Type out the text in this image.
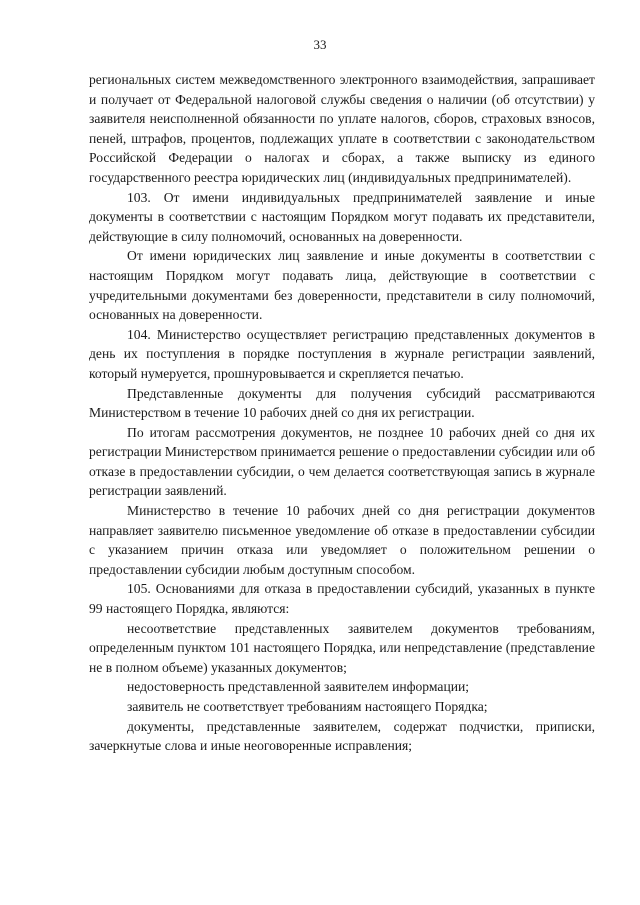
33

региональных систем межведомственного электронного взаимодействия, запрашивает и получает от Федеральной налоговой службы сведения о наличии (об отсутствии) у заявителя неисполненной обязанности по уплате налогов, сборов, страховых взносов, пеней, штрафов, процентов, подлежащих уплате в соответствии с законодательством Российской Федерации о налогах и сборах, а также выписку из единого государственного реестра юридических лиц (индивидуальных предпринимателей).

103. От имени индивидуальных предпринимателей заявление и иные документы в соответствии с настоящим Порядком могут подавать их представители, действующие в силу полномочий, основанных на доверенности.

От имени юридических лиц заявление и иные документы в соответствии с настоящим Порядком могут подавать лица, действующие в соответствии с учредительными документами без доверенности, представители в силу полномочий, основанных на доверенности.

104. Министерство осуществляет регистрацию представленных документов в день их поступления в порядке поступления в журнале регистрации заявлений, который нумеруется, прошнуровывается и скрепляется печатью.

Представленные документы для получения субсидий рассматриваются Министерством в течение 10 рабочих дней со дня их регистрации.

По итогам рассмотрения документов, не позднее 10 рабочих дней со дня их регистрации Министерством принимается решение о предоставлении субсидии или об отказе в предоставлении субсидии, о чем делается соответствующая запись в журнале регистрации заявлений.

Министерство в течение 10 рабочих дней со дня регистрации документов направляет заявителю письменное уведомление об отказе в предоставлении субсидии с указанием причин отказа или уведомляет о положительном решении о предоставлении субсидии любым доступным способом.

105. Основаниями для отказа в предоставлении субсидий, указанных в пункте 99 настоящего Порядка, являются:

несоответствие представленных заявителем документов требованиям, определенным пунктом 101 настоящего Порядка, или непредставление (представление не в полном объеме) указанных документов;

недостоверность представленной заявителем информации;

заявитель не соответствует требованиям настоящего Порядка;

документы, представленные заявителем, содержат подчистки, приписки, зачеркнутые слова и иные неоговоренные исправления;
